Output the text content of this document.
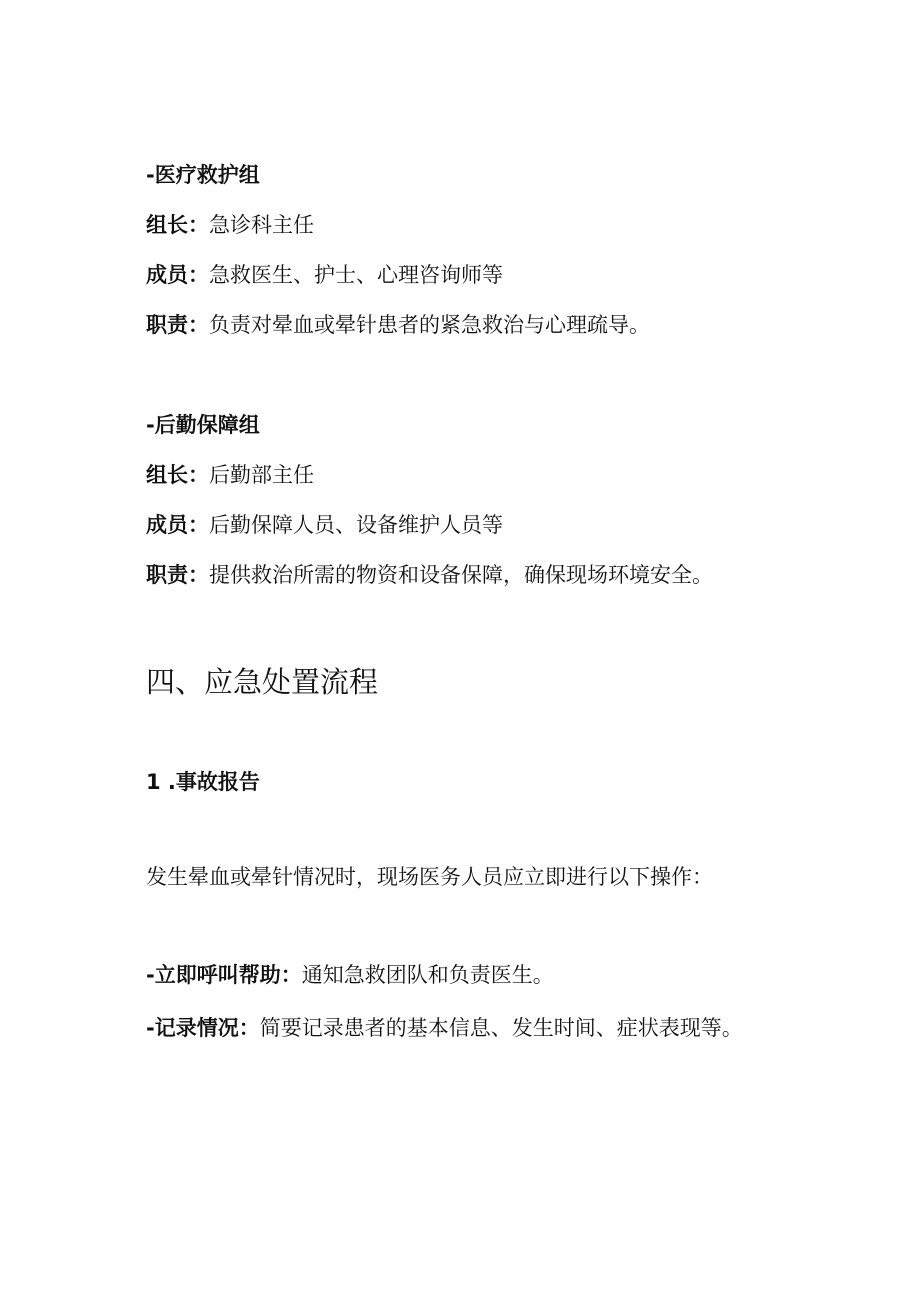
-医疗救护组
组长：急诊科主任
成员：急救医生、护士、心理咨询师等
职责：负责对晕血或晕针患者的紧急救治与心理疏导。
-后勤保障组
组长：后勤部主任
成员：后勤保障人员、设备维护人员等
职责：提供救治所需的物资和设备保障，确保现场环境安全。
四、应急处置流程
1 .事故报告
发生晕血或晕针情况时，现场医务人员应立即进行以下操作：
-立即呼叫帮助：通知急救团队和负责医生。
-记录情况：简要记录患者的基本信息、发生时间、症状表现等。
